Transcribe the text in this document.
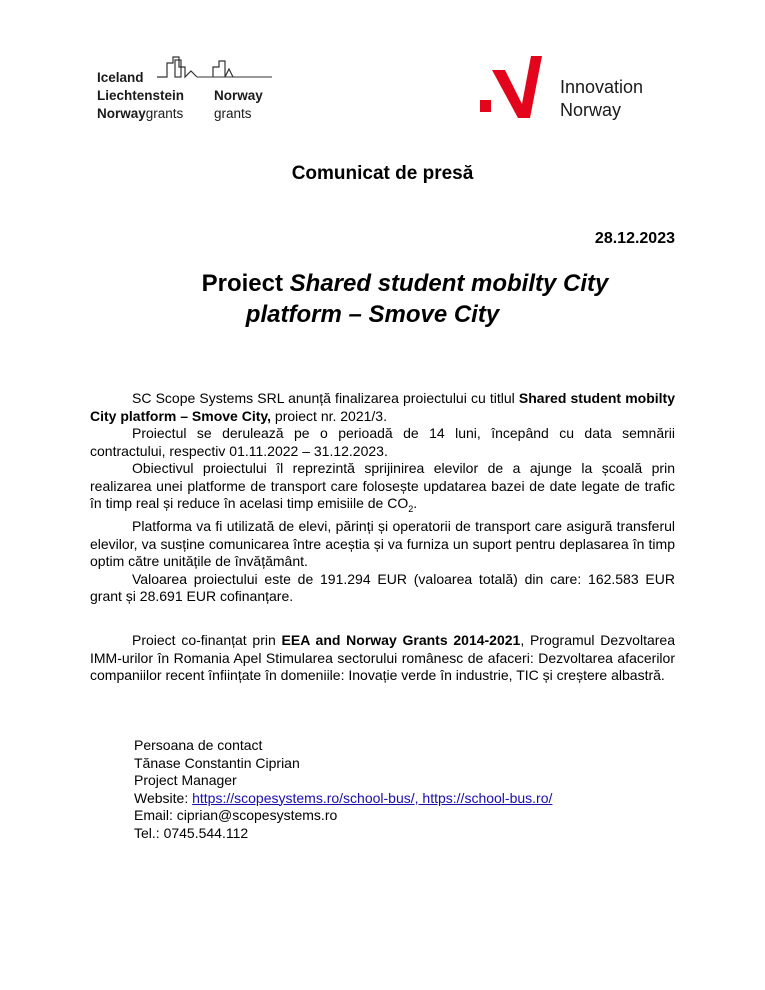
Iceland
Liechtenstein
Norwaygrants
Norway
grants
Innovation
Norway
Comunicat de presă
28.12.2023
Proiect Shared student mobilty City
platform – Smove City

SC Scope Systems SRL anunță finalizarea proiectului cu titlul Shared student mobilty City platform – Smove City, proiect nr. 2021/3.

Proiectul se derulează pe o perioadă de 14 luni, începând cu data semnării contractului, respectiv 01.11.2022 – 31.12.2023.

Obiectivul proiectului îl reprezintă sprijinirea elevilor de a ajunge la școală prin realizarea unei platforme de transport care folosește updatarea bazei de date legate de trafic în timp real și reduce în acelasi timp emisiile de $CO_2$.

Platforma va fi utilizată de elevi, părinți și operatorii de transport care asigură transferul elevilor, va susține comunicarea între aceștia și va furniza un suport pentru deplasarea în timp optim către unitățile de învățământ.

Valoarea proiectului este de 191.294 EUR (valoarea totală) din care: 162.583 EUR grant și 28.691 EUR cofinanțare.

Proiect co-finanțat prin EEA and Norway Grants 2014-2021, Programul Dezvoltarea IMM-urilor în Romania Apel Stimularea sectorului românesc de afaceri: Dezvoltarea afacerilor companiilor recent înființate în domeniile: Inovație verde în industrie, TIC și creștere albastră.

Persoana de contact
Tănase Constantin Ciprian
Project Manager
Website: https://scopesystems.ro/school-bus/, https://school-bus.ro/
Email: ciprian@scopesystems.ro
Tel.: 0745.544.112
